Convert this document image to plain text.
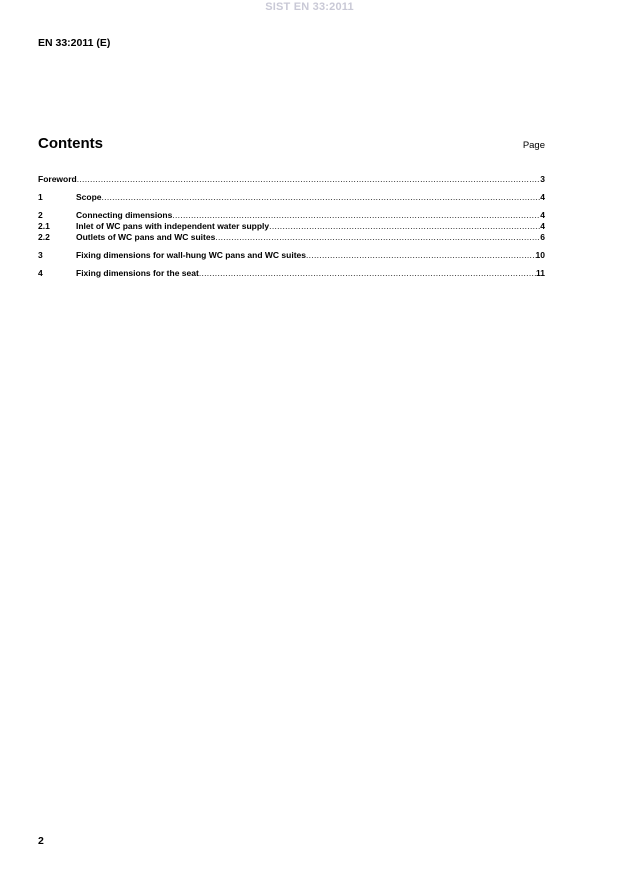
SIST EN 33:2011
EN 33:2011 (E)
Contents	Page
Foreword .....	3
1	Scope .....	4
2	Connecting dimensions .....	4
2.1	Inlet of WC pans with independent water supply .....	4
2.2	Outlets of WC pans and WC suites .....	6
3	Fixing dimensions for wall-hung WC pans and WC suites .....	10
4	Fixing dimensions for the seat .....	11
2
